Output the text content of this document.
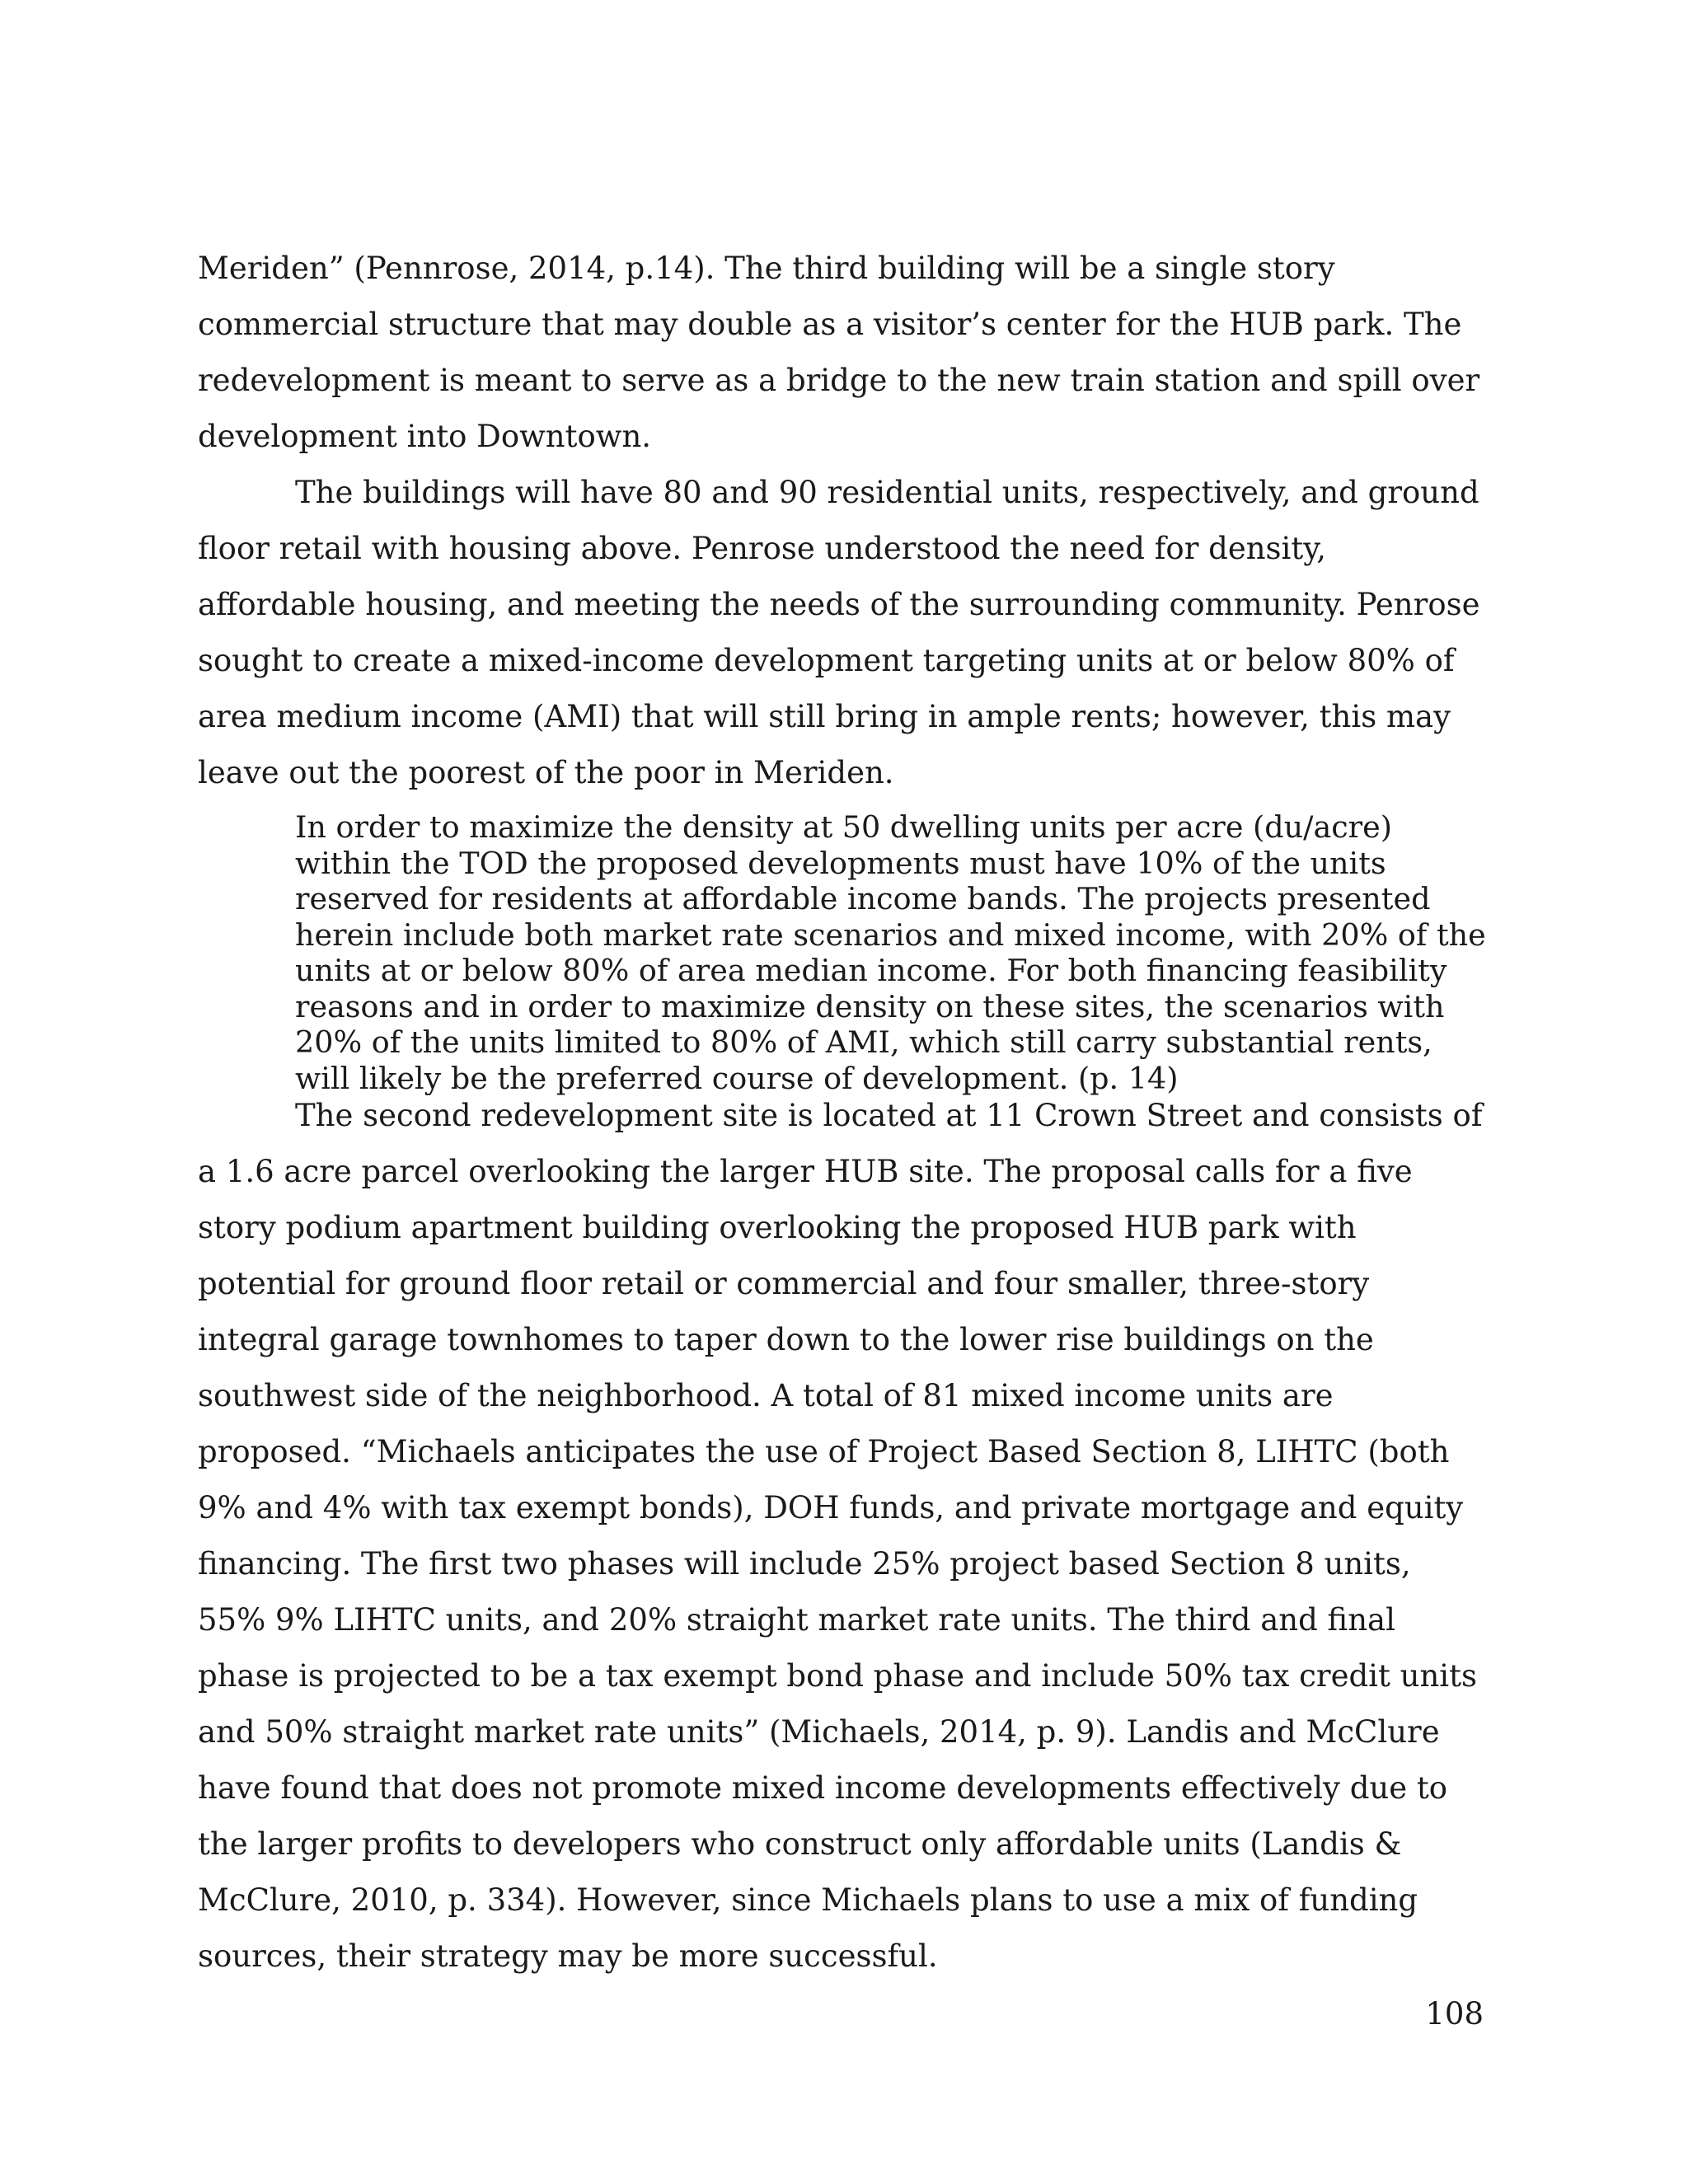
Meriden” (Pennrose, 2014, p.14). The third building will be a single story commercial structure that may double as a visitor’s center for the HUB park. The redevelopment is meant to serve as a bridge to the new train station and spill over development into Downtown.

The buildings will have 80 and 90 residential units, respectively, and ground floor retail with housing above. Penrose understood the need for density, affordable housing, and meeting the needs of the surrounding community. Penrose sought to create a mixed-income development targeting units at or below 80% of area medium income (AMI) that will still bring in ample rents; however, this may leave out the poorest of the poor in Meriden.

In order to maximize the density at 50 dwelling units per acre (du/acre) within the TOD the proposed developments must have 10% of the units reserved for residents at affordable income bands. The projects presented herein include both market rate scenarios and mixed income, with 20% of the units at or below 80% of area median income. For both financing feasibility reasons and in order to maximize density on these sites, the scenarios with 20% of the units limited to 80% of AMI, which still carry substantial rents, will likely be the preferred course of development. (p. 14)

The second redevelopment site is located at 11 Crown Street and consists of a 1.6 acre parcel overlooking the larger HUB site. The proposal calls for a five story podium apartment building overlooking the proposed HUB park with potential for ground floor retail or commercial and four smaller, three-story integral garage townhomes to taper down to the lower rise buildings on the southwest side of the neighborhood. A total of 81 mixed income units are proposed. “Michaels anticipates the use of Project Based Section 8, LIHTC (both 9% and 4% with tax exempt bonds), DOH funds, and private mortgage and equity financing. The first two phases will include 25% project based Section 8 units, 55% 9% LIHTC units, and 20% straight market rate units. The third and final phase is projected to be a tax exempt bond phase and include 50% tax credit units and 50% straight market rate units” (Michaels, 2014, p. 9). Landis and McClure have found that does not promote mixed income developments effectively due to the larger profits to developers who construct only affordable units (Landis & McClure, 2010, p. 334). However, since Michaels plans to use a mix of funding sources, their strategy may be more successful.

108
